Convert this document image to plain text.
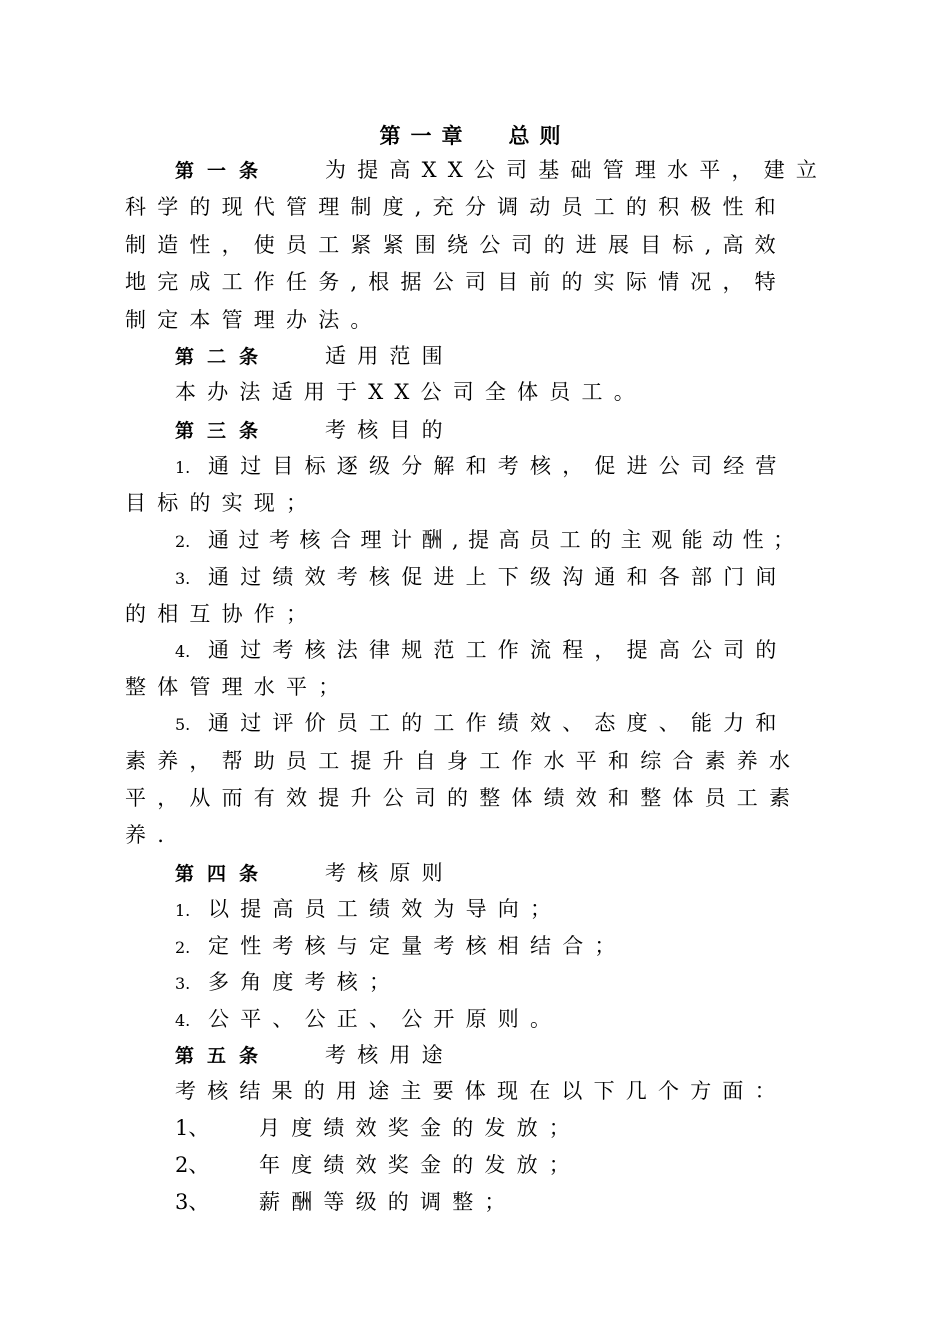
第一章 总则
第一条	为提高XX公司基础管理水平，建立
科学的现代管理制度,充分调动员工的积极性和
制造性，使员工紧紧围绕公司的进展目标,高效
地完成工作任务,根据公司目前的实际情况，特
制定本管理办法。
第二条	适用范围
本办法适用于XX公司全体员工。
第三条	考核目的
1. 通过目标逐级分解和考核，促进公司经营
目标的实现；
2. 通过考核合理计酬,提高员工的主观能动性；
3. 通过绩效考核促进上下级沟通和各部门间
的相互协作；
4. 通过考核法律规范工作流程，提高公司的
整体管理水平；
5. 通过评价员工的工作绩效、态度、能力和
素养，帮助员工提升自身工作水平和综合素养水
平，从而有效提升公司的整体绩效和整体员工素
养.
第四条	考核原则
1. 以提高员工绩效为导向；
2. 定性考核与定量考核相结合；
3. 多角度考核；
4. 公平、公正、公开原则。
第五条	考核用途
考核结果的用途主要体现在以下几个方面：
1、 月度绩效奖金的发放；
2、 年度绩效奖金的发放；
3、 薪酬等级的调整；
